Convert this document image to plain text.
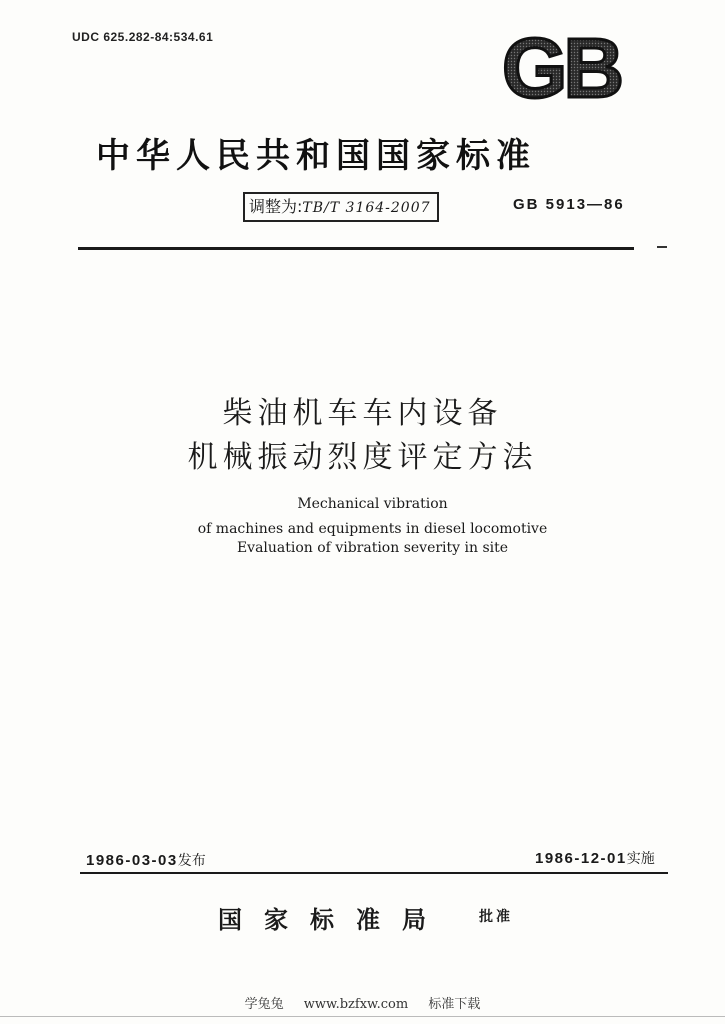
UDC 625.282-84:534.61	GB
中华人民共和国国家标准
调整为:TB/T 3164-2007	GB 5913—86
柴油机车车内设备
机械振动烈度评定方法
Mechanical vibration
of machines and equipments in diesel locomotive
Evaluation of vibration severity in site
1986-03-03发布	1986-12-01实施
国家标准局 批准
学兔兔 www.bzfxw.com 标准下载
